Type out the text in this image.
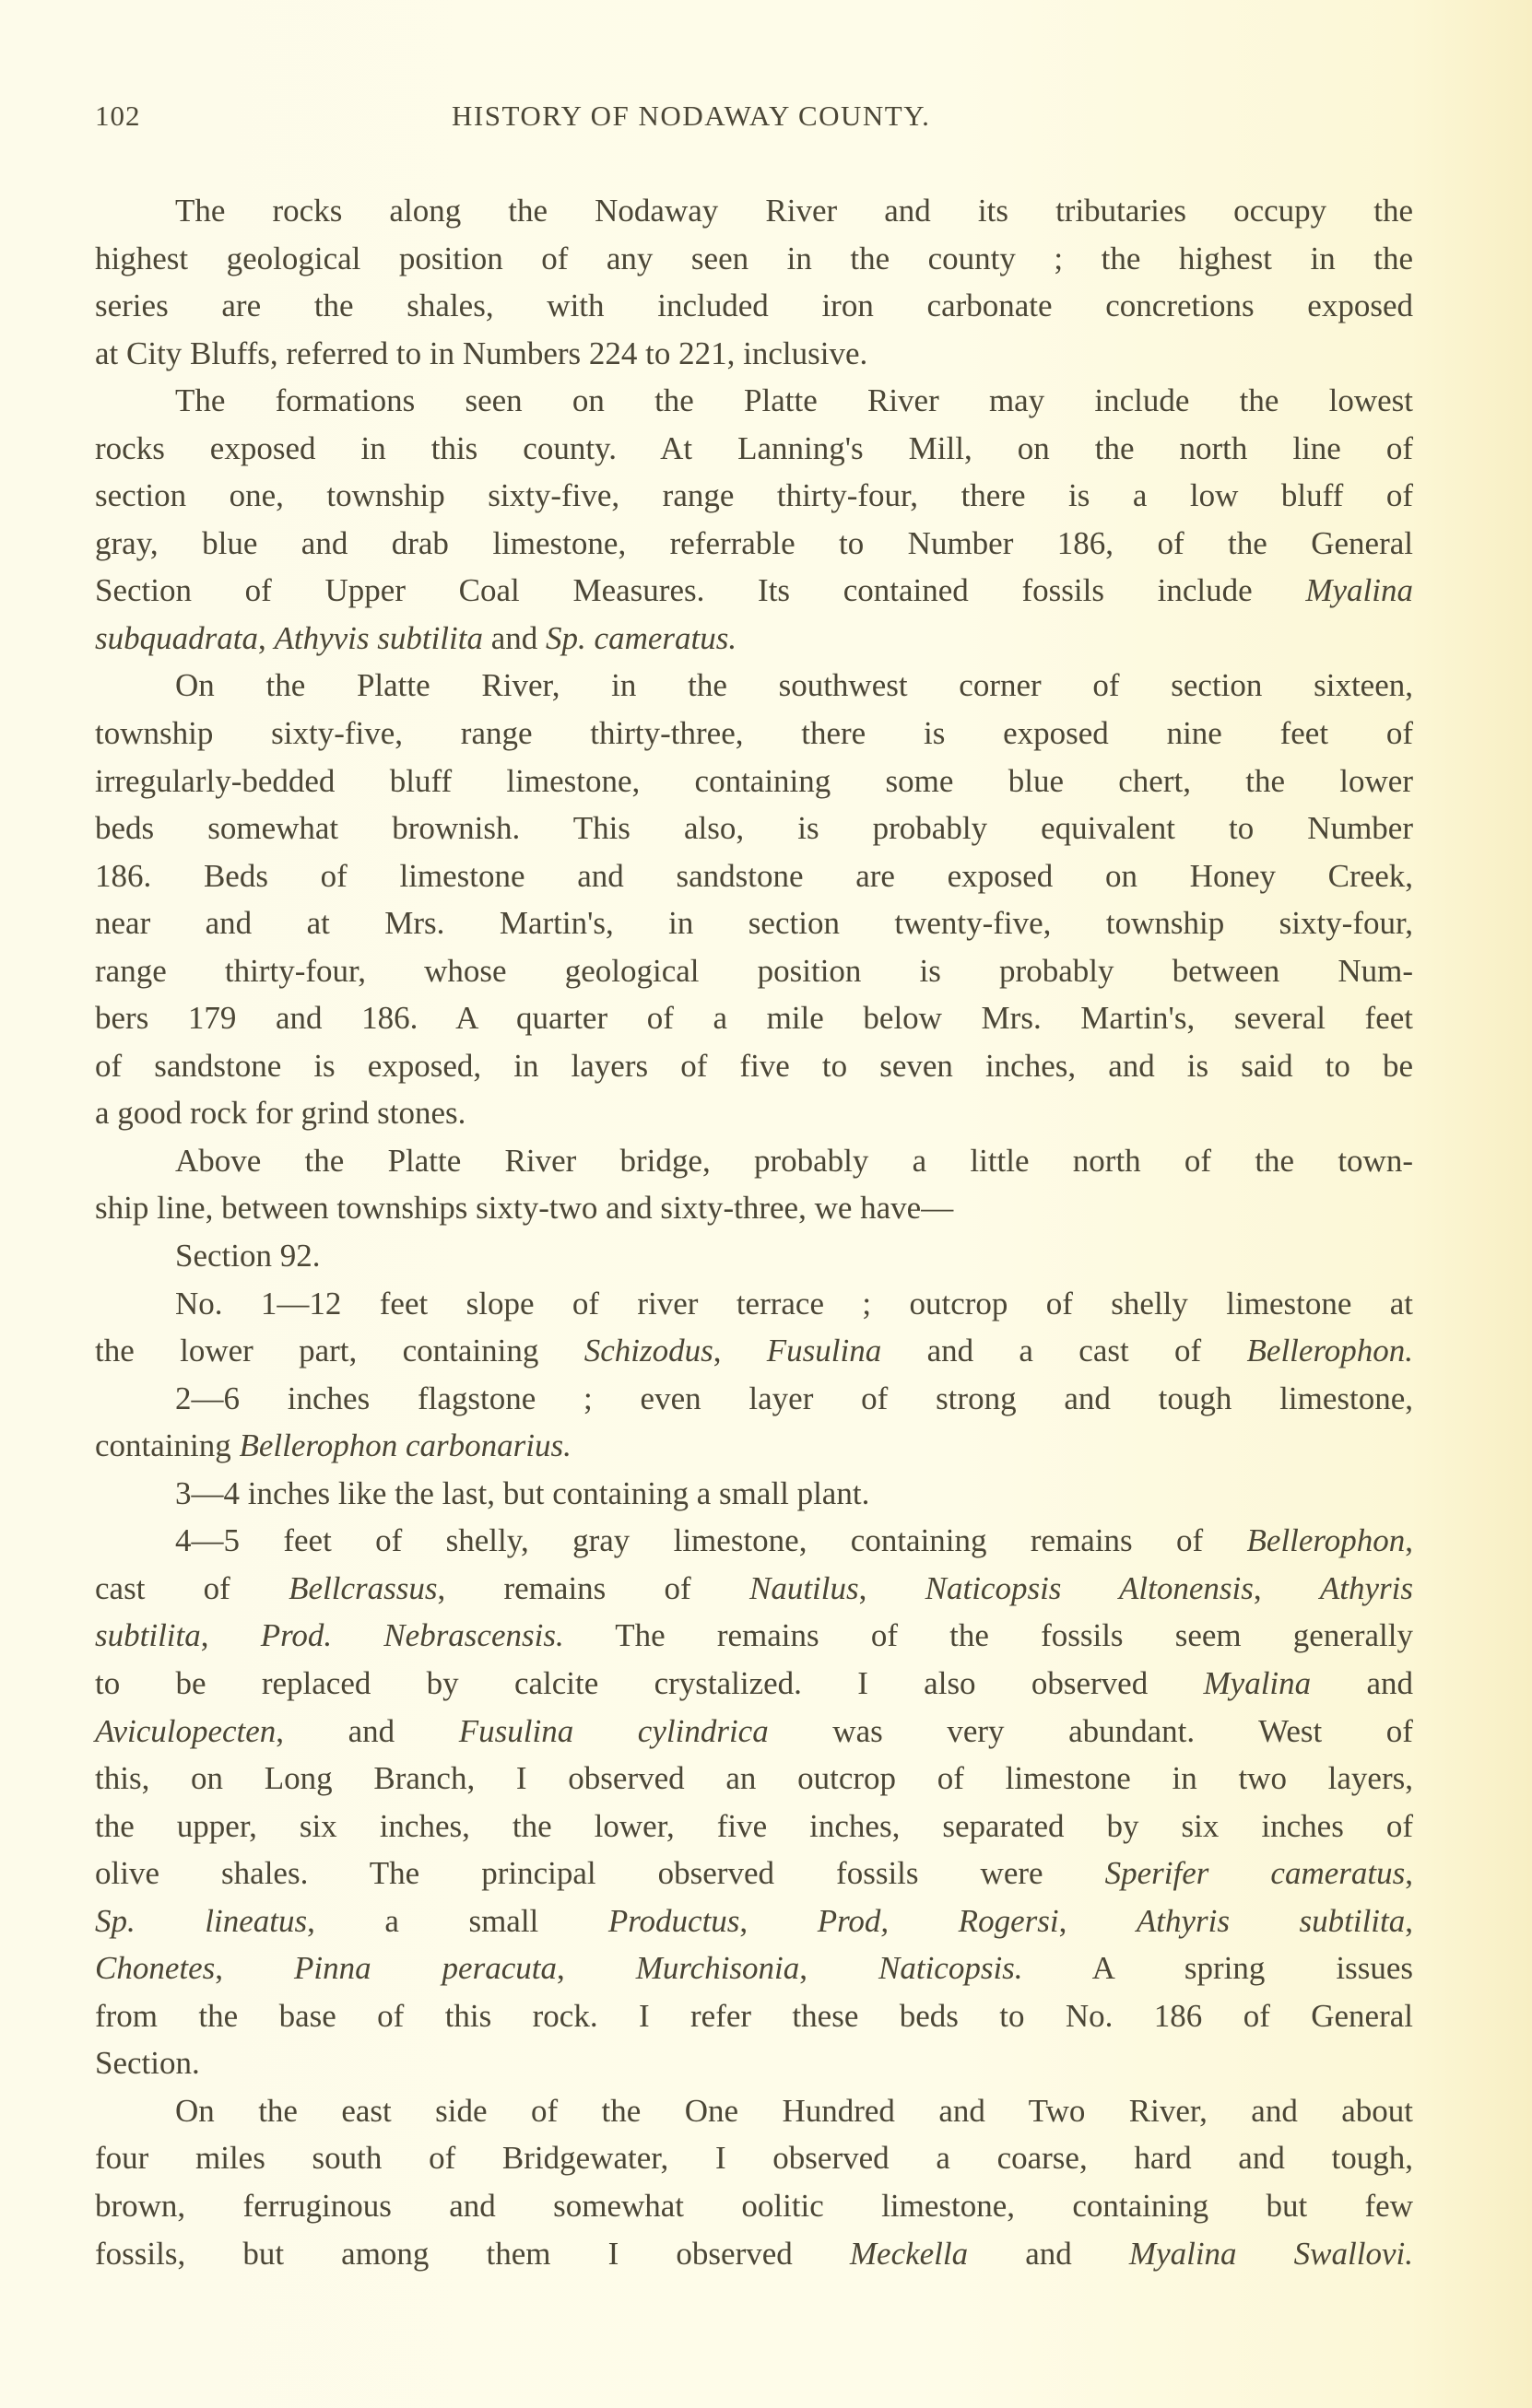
102	HISTORY OF NODAWAY COUNTY.
The rocks along the Nodaway River and its tributaries occupy the
highest geological position of any seen in the county ; the highest in the
series are the shales, with included iron carbonate concretions exposed
at City Bluffs, referred to in Numbers 224 to 221, inclusive.
The formations seen on the Platte River may include the lowest
rocks exposed in this county. At Lanning's Mill, on the north line of
section one, township sixty-five, range thirty-four, there is a low bluff of
gray, blue and drab limestone, referrable to Number 186, of the General
Section of Upper Coal Measures. Its contained fossils include Myalina
subquadrata, Athyvis subtilita and Sp. cameratus.
On the Platte River, in the southwest corner of section sixteen,
township sixty-five, range thirty-three, there is exposed nine feet of
irregularly-bedded bluff limestone, containing some blue chert, the lower
beds somewhat brownish. This also, is probably equivalent to Number
186. Beds of limestone and sandstone are exposed on Honey Creek,
near and at Mrs. Martin's, in section twenty-five, township sixty-four,
range thirty-four, whose geological position is probably between Num-
bers 179 and 186. A quarter of a mile below Mrs. Martin's, several feet
of sandstone is exposed, in layers of five to seven inches, and is said to be
a good rock for grind stones.
Above the Platte River bridge, probably a little north of the town-
ship line, between townships sixty-two and sixty-three, we have—
Section 92.
No. 1—12 feet slope of river terrace ; outcrop of shelly limestone at
the lower part, containing Schizodus, Fusulina and a cast of Bellerophon.
2—6 inches flagstone ; even layer of strong and tough limestone,
containing Bellerophon carbonarius.
3—4 inches like the last, but containing a small plant.
4—5 feet of shelly, gray limestone, containing remains of Bellerophon,
cast of Bellcrassus, remains of Nautilus, Naticopsis Altonensis, Athyris
subtilita, Prod. Nebrascensis. The remains of the fossils seem generally
to be replaced by calcite crystalized. I also observed Myalina and
Aviculopecten, and Fusulina cylindrica was very abundant. West of
this, on Long Branch, I observed an outcrop of limestone in two layers,
the upper, six inches, the lower, five inches, separated by six inches of
olive shales. The principal observed fossils were Sperifer cameratus,
Sp. lineatus, a small Productus, Prod, Rogersi, Athyris subtilita,
Chonetes, Pinna peracuta, Murchisonia, Naticopsis. A spring issues
from the base of this rock. I refer these beds to No. 186 of General
Section.
On the east side of the One Hundred and Two River, and about
four miles south of Bridgewater, I observed a coarse, hard and tough,
brown, ferruginous and somewhat oolitic limestone, containing but few
fossils, but among them I observed Meckella and Myalina Swallovi.
